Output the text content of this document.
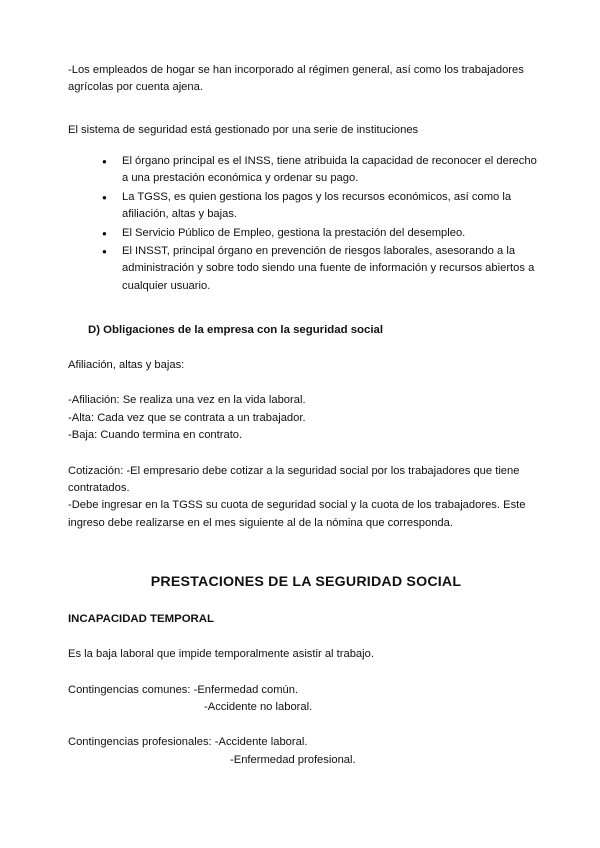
-Los empleados de hogar se han incorporado al régimen general, así como los trabajadores agrícolas por cuenta ajena.

El sistema de seguridad está gestionado por una serie de instituciones

● El órgano principal es el INSS, tiene atribuida la capacidad de reconocer el derecho a una prestación económica y ordenar su pago.
● La TGSS, es quien gestiona los pagos y los recursos económicos, así como la afiliación, altas y bajas.
● El Servicio Público de Empleo, gestiona la prestación del desempleo.
● El INSST, principal órgano en prevención de riesgos laborales, asesorando a la administración y sobre todo siendo una fuente de información y recursos abiertos a cualquier usuario.

D) Obligaciones de la empresa con la seguridad social

Afiliación, altas y bajas:

-Afiliación: Se realiza una vez en la vida laboral.

-Alta: Cada vez que se contrata a un trabajador.

-Baja: Cuando termina en contrato.

Cotización: -El empresario debe cotizar a la seguridad social por los trabajadores que tiene contratados.

-Debe ingresar en la TGSS su cuota de seguridad social y la cuota de los trabajadores. Este ingreso debe realizarse en el mes siguiente al de la nómina que corresponda.

PRESTACIONES DE LA SEGURIDAD SOCIAL

INCAPACIDAD TEMPORAL

Es la baja laboral que impide temporalmente asistir al trabajo.

Contingencias comunes: -Enfermedad común.

-Accidente no laboral.

Contingencias profesionales: -Accidente laboral.

-Enfermedad profesional.
